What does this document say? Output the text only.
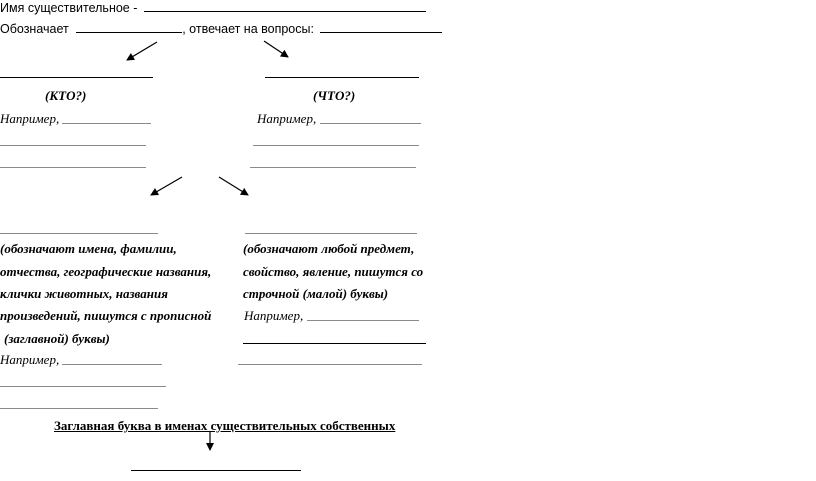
Имя существительное -
Обозначает	, отвечает на вопросы:
(КТО?)	(ЧТО?)
Например,	Например,
(обозначают имена, фамилии,
отчества, географические названия,
клички животных, названия
произведений, пишутся с прописной
(заглавной) буквы)
Например,
(обозначают любой предмет,
свойство, явление, пишутся со
строчной (малой) буквы)
Например,
Заглавная буква в именах существительных собственных
